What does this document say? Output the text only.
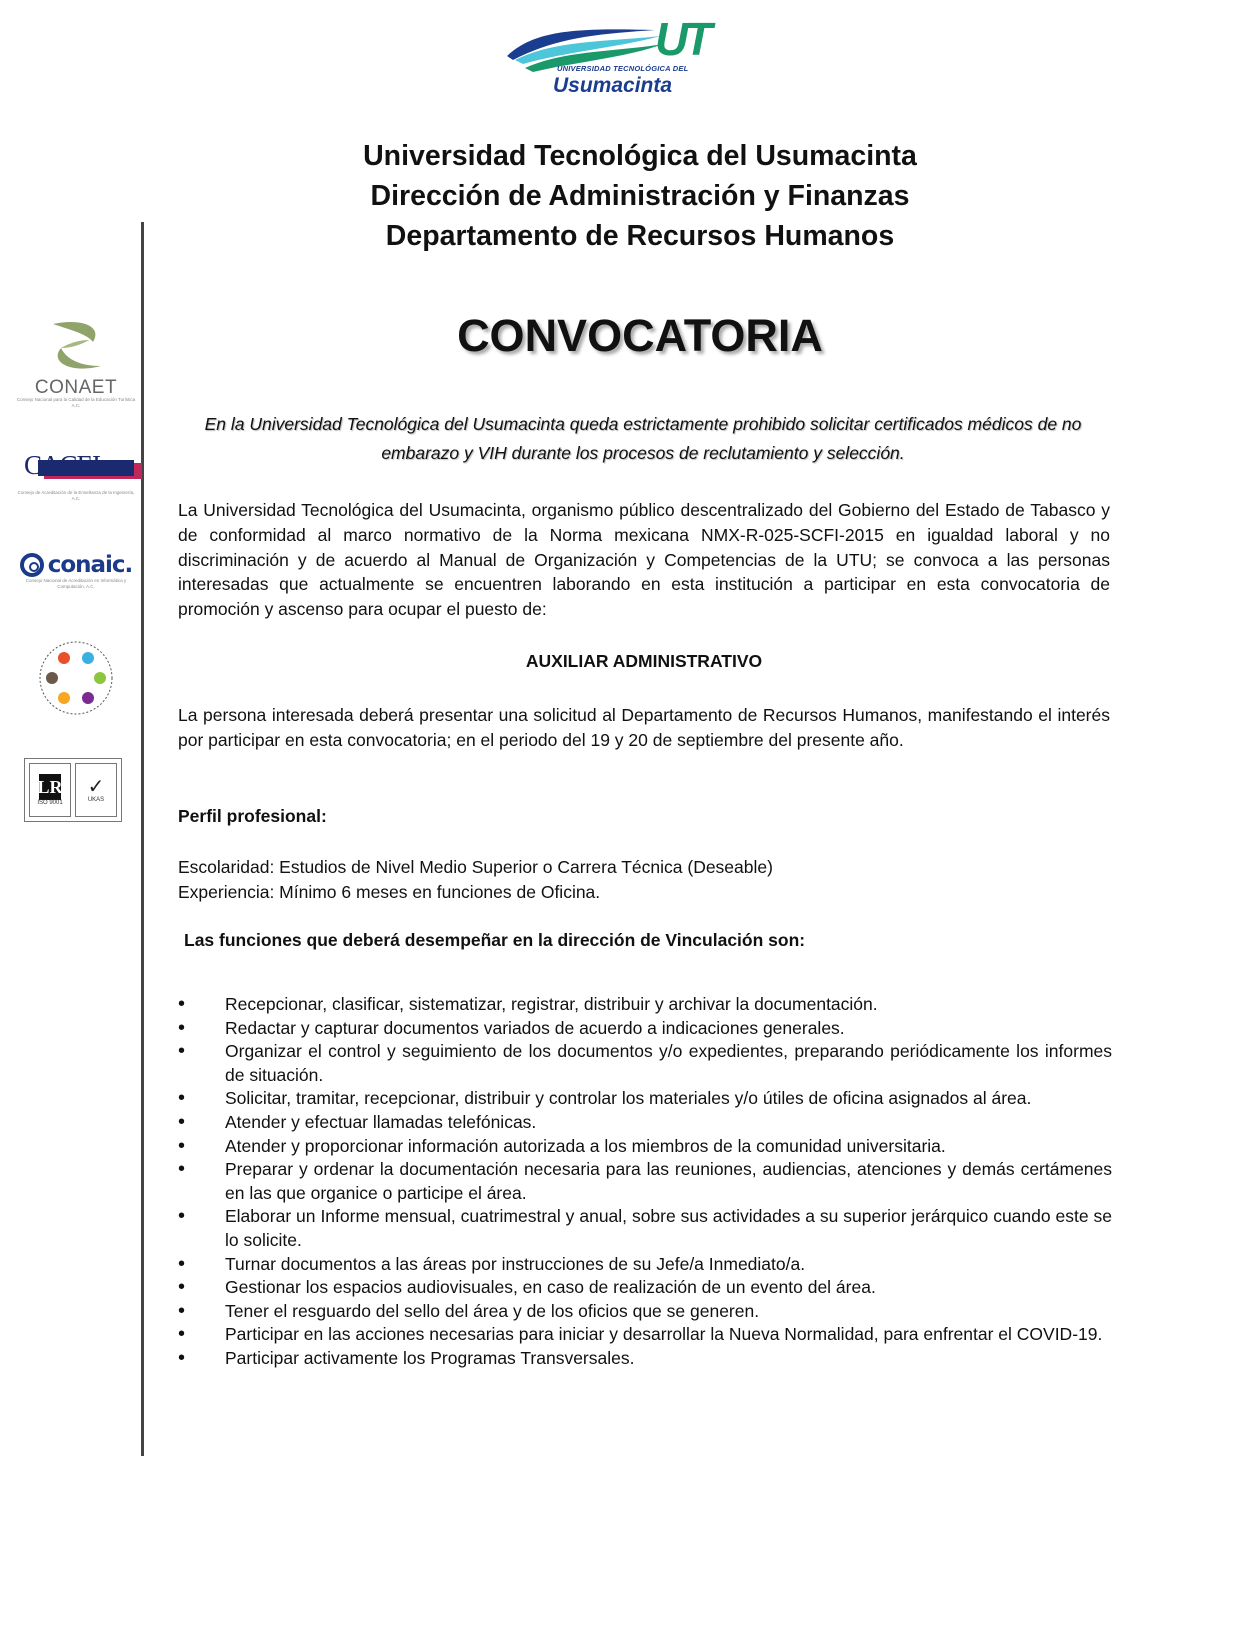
UT
UNIVERSIDAD TECNOLÓGICA DEL
Usumacinta
CONAET
Consejo Nacional para la Calidad de la Educación Turística A.C.
CACEI
Consejo de Acreditación de la Enseñanza de la Ingeniería, A.C.
conaic.
Consejo Nacional de Acreditación en Informática y Computación, A.C.
LR
ISO 9001
✓
UKAS
Universidad Tecnológica del Usumacinta
Dirección de Administración y Finanzas
Departamento de Recursos Humanos
CONVOCATORIA
En la Universidad Tecnológica del Usumacinta queda estrictamente prohibido solicitar certificados médicos de no embarazo y VIH durante los procesos de reclutamiento y selección.
La Universidad Tecnológica del Usumacinta, organismo público descentralizado del Gobierno del Estado de Tabasco y de conformidad al marco normativo de la Norma mexicana NMX-R-025-SCFI-2015 en igualdad laboral y no discriminación y de acuerdo al Manual de Organización y Competencias de la UTU; se convoca a las personas interesadas que actualmente se encuentren laborando en esta institución a participar en esta convocatoria de promoción y ascenso para ocupar el puesto de:
AUXILIAR ADMINISTRATIVO
La persona interesada deberá presentar una solicitud al Departamento de Recursos Humanos, manifestando el interés por participar en esta convocatoria; en el periodo del 19 y 20 de septiembre del presente año.
Perfil profesional:
Escolaridad: Estudios de Nivel Medio Superior o Carrera Técnica (Deseable)
Experiencia: Mínimo 6 meses en funciones de Oficina.
Las funciones que deberá desempeñar en la dirección de Vinculación son:
•
Recepcionar, clasificar, sistematizar, registrar, distribuir y archivar la documentación.
•
Redactar y capturar documentos variados de acuerdo a indicaciones generales.
•
Organizar el control y seguimiento de los documentos y/o expedientes, preparando periódicamente los informes de situación.
•
Solicitar, tramitar, recepcionar, distribuir y controlar los materiales y/o útiles de oficina asignados al área.
•
Atender y efectuar llamadas telefónicas.
•
Atender y proporcionar información autorizada a los miembros de la comunidad universitaria.
•
Preparar y ordenar la documentación necesaria para las reuniones, audiencias, atenciones y demás certámenes en las que organice o participe el área.
•
Elaborar un Informe mensual, cuatrimestral y anual, sobre sus actividades a su superior jerárquico cuando este se lo solicite.
•
Turnar documentos a las áreas por instrucciones de su Jefe/a Inmediato/a.
•
Gestionar los espacios audiovisuales, en caso de realización de un evento del área.
•
Tener el resguardo del sello del área y de los oficios que se generen.
•
Participar en las acciones necesarias para iniciar y desarrollar la Nueva Normalidad, para enfrentar el COVID-19.
•
Participar activamente los Programas Transversales.
